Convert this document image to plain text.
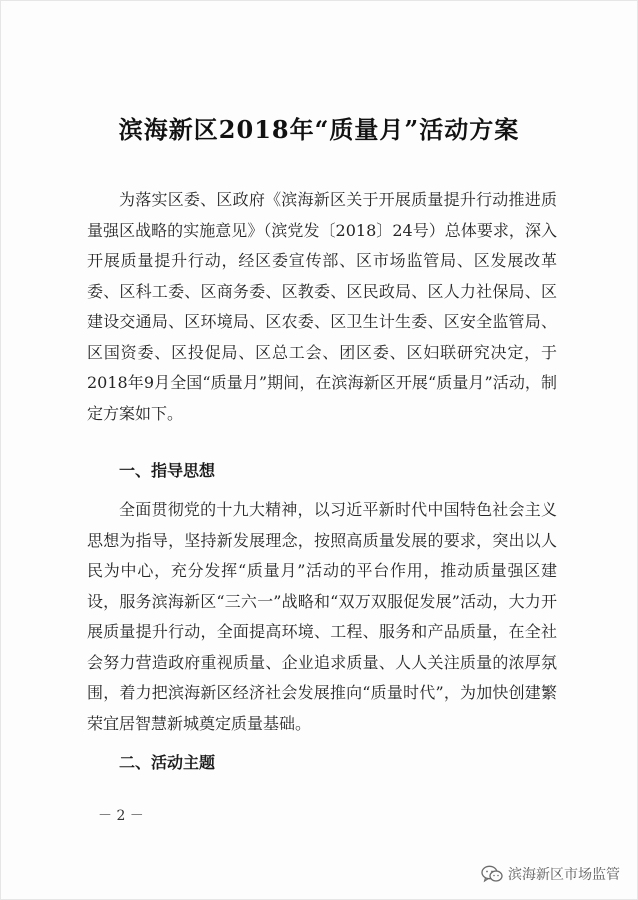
滨海新区2018年“质量月”活动方案

为落实区委、区政府《滨海新区关于开展质量提升行动推进质量强区战略的实施意见》（滨党发〔2018〕24号）总体要求，深入开展质量提升行动，经区委宣传部、区市场监管局、区发展改革委、区科工委、区商务委、区教委、区民政局、区人力社保局、区建设交通局、区环境局、区农委、区卫生计生委、区安全监管局、区国资委、区投促局、区总工会、团区委、区妇联研究决定，于2018年9月全国“质量月”期间，在滨海新区开展“质量月”活动，制定方案如下。

一、指导思想

全面贯彻党的十九大精神，以习近平新时代中国特色社会主义思想为指导，坚持新发展理念，按照高质量发展的要求，突出以人民为中心，充分发挥“质量月”活动的平台作用，推动质量强区建设，服务滨海新区“三六一”战略和“双万双服促发展”活动，大力开展质量提升行动，全面提高环境、工程、服务和产品质量，在全社会努力营造政府重视质量、企业追求质量、人人关注质量的浓厚氛围，着力把滨海新区经济社会发展推向“质量时代”，为加快创建繁荣宜居智慧新城奠定质量基础。

二、活动主题
－ 2 －
滨海新区市场监管
